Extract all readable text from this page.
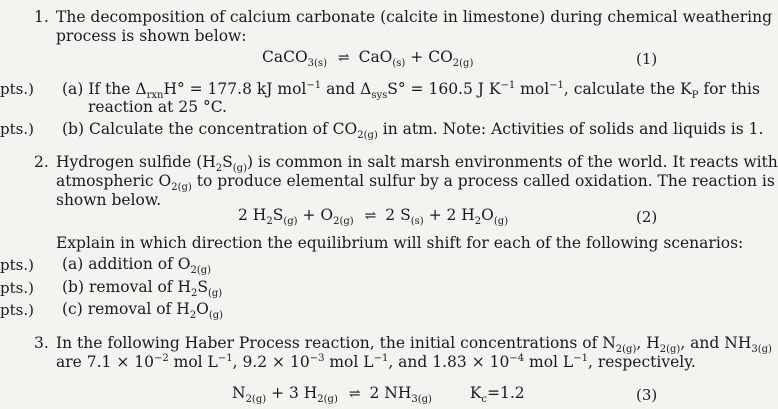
pts.)
pts.)
pts.)
pts.)
pts.)
1. The decomposition of calcium carbonate (calcite in limestone) during chemical weathering
process is shown below:
CaCO$_{3(s)}$ ⇌ $CaO_{(s)} + CO_{2(g)}$	(1)
(a) If the $\Delta_{rxn}H^\circ = 177.8$ kJ mol$^{-1}$ and $\Delta_{sys}S^\circ = 160.5$ J $K^{-1}$ mol$^{-1}$, calculate the $K_P$ for this
reaction at 25 °C.
(b) Calculate the concentration of $CO_{2(g)}$ in atm. Note: Activities of solids and liquids is 1.
2. Hydrogen sulfide $(H_2S_{(g)})$ is common in salt marsh environments of the world. It reacts with
atmospheric $O_{2(g)}$ to produce elemental sulfur by a process called oxidation. The reaction is
shown below.
2 $H_2S_{(g)} + O_{2(g)}$ ⇌ 2 $S_{(s)} + 2$ $H_2O_{(g)}$	(2)
Explain in which direction the equilibrium will shift for each of the following scenarios:
(a) addition of $O_{2(g)}$
(b) removal of $H_2S_{(g)}$
(c) removal of $H_2O_{(g)}$
3. In the following Haber Process reaction, the initial concentrations of $N_{2(g)}$, $H_{2(g)}$, and $NH_{3(g)}$
are $7.1 \times 10^{-2}$ mol $L^{-1}$, $9.2 \times 10^{-3}$ mol $L^{-1}$, and $1.83 \times 10^{-4}$ mol $L^{-1}$, respectively.
$N_{2(g)} + 3$ $H_{2(g)}$ ⇌ 2 $NH_{3(g)}$ $K_c=1.2$	(3)
